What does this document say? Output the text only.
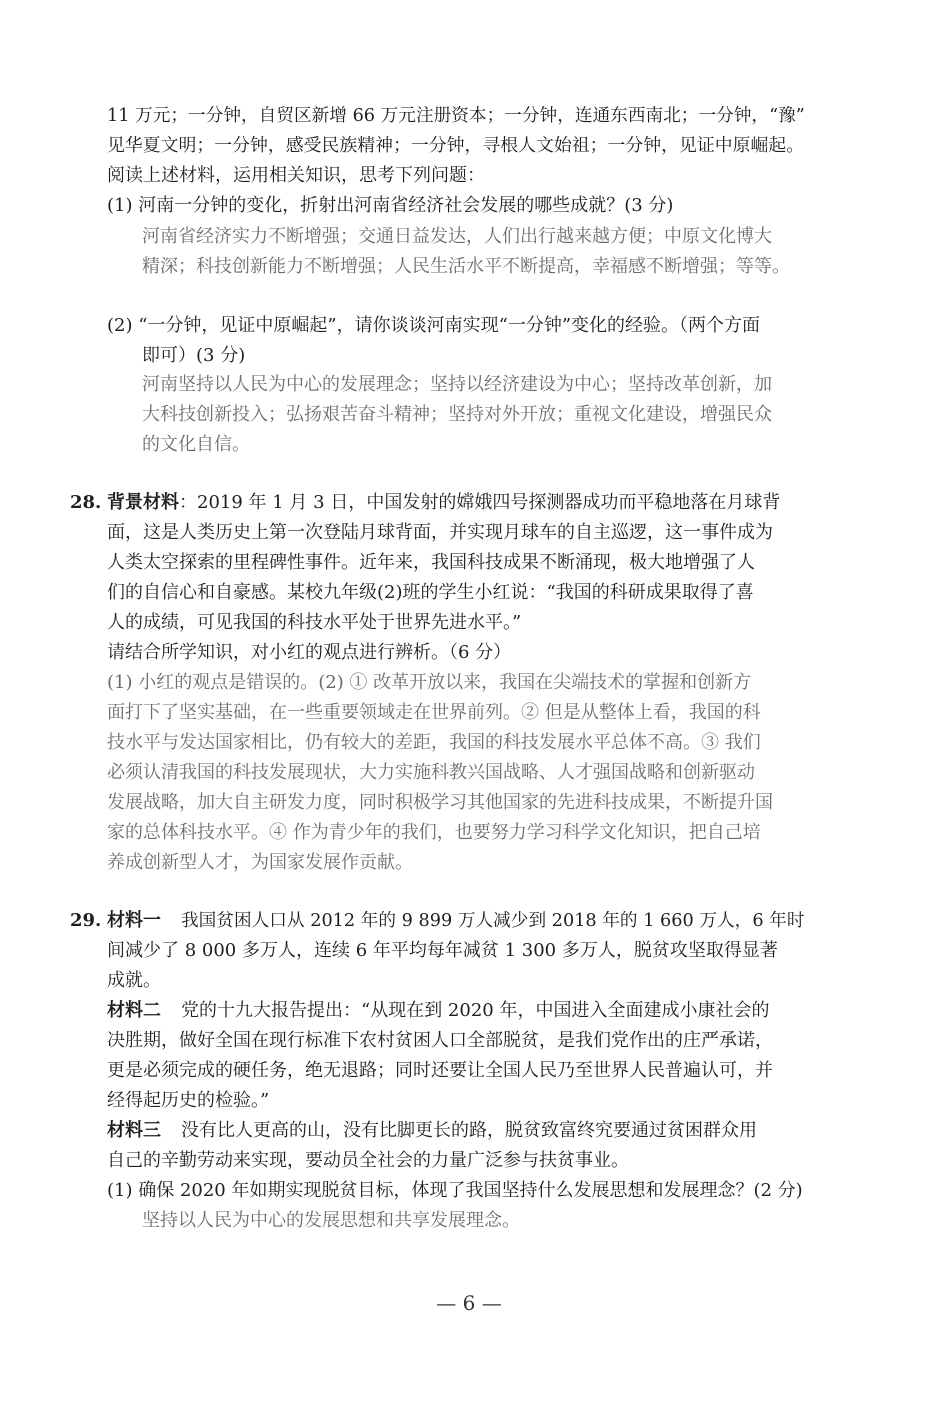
11 万元；一分钟，自贸区新增 66 万元注册资本；一分钟，连通东西南北；一分钟，“豫”
见华夏文明；一分钟，感受民族精神；一分钟，寻根人文始祖；一分钟，见证中原崛起。
阅读上述材料，运用相关知识，思考下列问题：
(1) 河南一分钟的变化，折射出河南省经济社会发展的哪些成就？(3 分)
河南省经济实力不断增强；交通日益发达，人们出行越来越方便；中原文化博大
精深；科技创新能力不断增强；人民生活水平不断提高，幸福感不断增强；等等。
(2) “一分钟，见证中原崛起”，请你谈谈河南实现“一分钟”变化的经验。（两个方面
即可）(3 分)
河南坚持以人民为中心的发展理念；坚持以经济建设为中心；坚持改革创新，加
大科技创新投入；弘扬艰苦奋斗精神；坚持对外开放；重视文化建设，增强民众
的文化自信。
28. 背景材料：2019 年 1 月 3 日，中国发射的嫦娥四号探测器成功而平稳地落在月球背
面，这是人类历史上第一次登陆月球背面，并实现月球车的自主巡逻，这一事件成为
人类太空探索的里程碑性事件。近年来，我国科技成果不断涌现，极大地增强了人
们的自信心和自豪感。某校九年级(2)班的学生小红说：“我国的科研成果取得了喜
人的成绩，可见我国的科技水平处于世界先进水平。”
请结合所学知识，对小红的观点进行辨析。（6 分）
(1) 小红的观点是错误的。(2) ① 改革开放以来，我国在尖端技术的掌握和创新方
面打下了坚实基础，在一些重要领域走在世界前列。② 但是从整体上看，我国的科
技水平与发达国家相比，仍有较大的差距，我国的科技发展水平总体不高。③ 我们
必须认清我国的科技发展现状，大力实施科教兴国战略、人才强国战略和创新驱动
发展战略，加大自主研发力度，同时积极学习其他国家的先进科技成果，不断提升国
家的总体科技水平。④ 作为青少年的我们，也要努力学习科学文化知识，把自己培
养成创新型人才，为国家发展作贡献。
29. 材料一 我国贫困人口从 2012 年的 9 899 万人减少到 2018 年的 1 660 万人，6 年时
间减少了 8 000 多万人，连续 6 年平均每年减贫 1 300 多万人，脱贫攻坚取得显著
成就。
材料二 党的十九大报告提出：“从现在到 2020 年，中国进入全面建成小康社会的
决胜期，做好全国在现行标准下农村贫困人口全部脱贫，是我们党作出的庄严承诺，
更是必须完成的硬任务，绝无退路；同时还要让全国人民乃至世界人民普遍认可，并
经得起历史的检验。”
材料三 没有比人更高的山，没有比脚更长的路，脱贫致富终究要通过贫困群众用
自己的辛勤劳动来实现，要动员全社会的力量广泛参与扶贫事业。
(1) 确保 2020 年如期实现脱贫目标，体现了我国坚持什么发展思想和发展理念？(2 分)
坚持以人民为中心的发展思想和共享发展理念。
— 6 —
